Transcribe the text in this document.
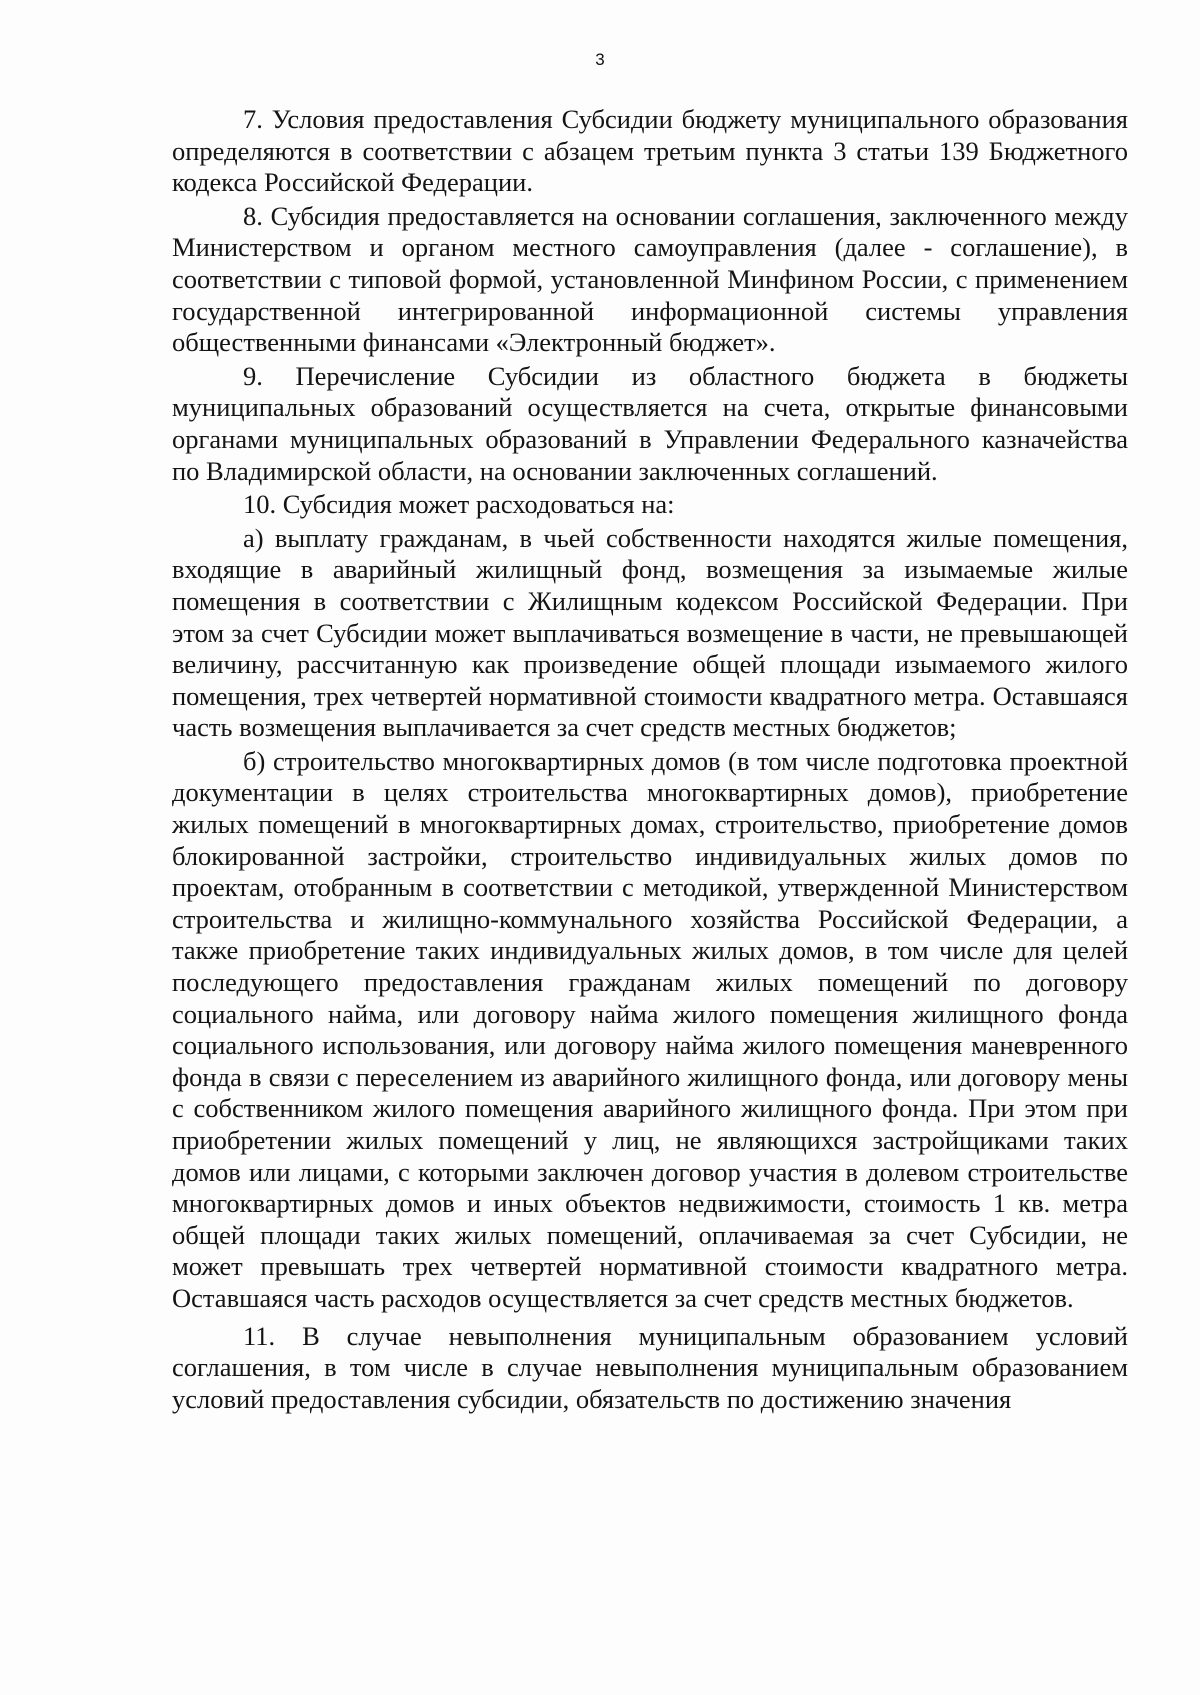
3

7. Условия предоставления Субсидии бюджету муниципального образования определяются в соответствии с абзацем третьим пункта 3 статьи 139 Бюджетного кодекса Российской Федерации.

8. Субсидия предоставляется на основании соглашения, заключенного между Министерством и органом местного самоуправления (далее - соглашение), в соответствии с типовой формой, установленной Минфином России, с применением государственной интегрированной информационной системы управления общественными финансами «Электронный бюджет».

9. Перечисление Субсидии из областного бюджета в бюджеты муниципальных образований осуществляется на счета, открытые финансовыми органами муниципальных образований в Управлении Федерального казначейства по Владимирской области, на основании заключенных соглашений.

10. Субсидия может расходоваться на:

а) выплату гражданам, в чьей собственности находятся жилые помещения, входящие в аварийный жилищный фонд, возмещения за изымаемые жилые помещения в соответствии с Жилищным кодексом Российской Федерации. При этом за счет Субсидии может выплачиваться возмещение в части, не превышающей величину, рассчитанную как произведение общей площади изымаемого жилого помещения, трех четвертей нормативной стоимости квадратного метра. Оставшаяся часть возмещения выплачивается за счет средств местных бюджетов;

б) строительство многоквартирных домов (в том числе подготовка проектной документации в целях строительства многоквартирных домов), приобретение жилых помещений в многоквартирных домах, строительство, приобретение домов блокированной застройки, строительство индивидуальных жилых домов по проектам, отобранным в соответствии с методикой, утвержденной Министерством строительства и жилищно-коммунального хозяйства Российской Федерации, а также приобретение таких индивидуальных жилых домов, в том числе для целей последующего предоставления гражданам жилых помещений по договору социального найма, или договору найма жилого помещения жилищного фонда социального использования, или договору найма жилого помещения маневренного фонда в связи с переселением из аварийного жилищного фонда, или договору мены с собственником жилого помещения аварийного жилищного фонда. При этом при приобретении жилых помещений у лиц, не являющихся застройщиками таких домов или лицами, с которыми заключен договор участия в долевом строительстве многоквартирных домов и иных объектов недвижимости, стоимость 1 кв. метра общей площади таких жилых помещений, оплачиваемая за счет Субсидии, не может превышать трех четвертей нормативной стоимости квадратного метра. Оставшаяся часть расходов осуществляется за счет средств местных бюджетов.

11. В случае невыполнения муниципальным образованием условий соглашения, в том числе в случае невыполнения муниципальным образованием условий предоставления субсидии, обязательств по достижению значения
